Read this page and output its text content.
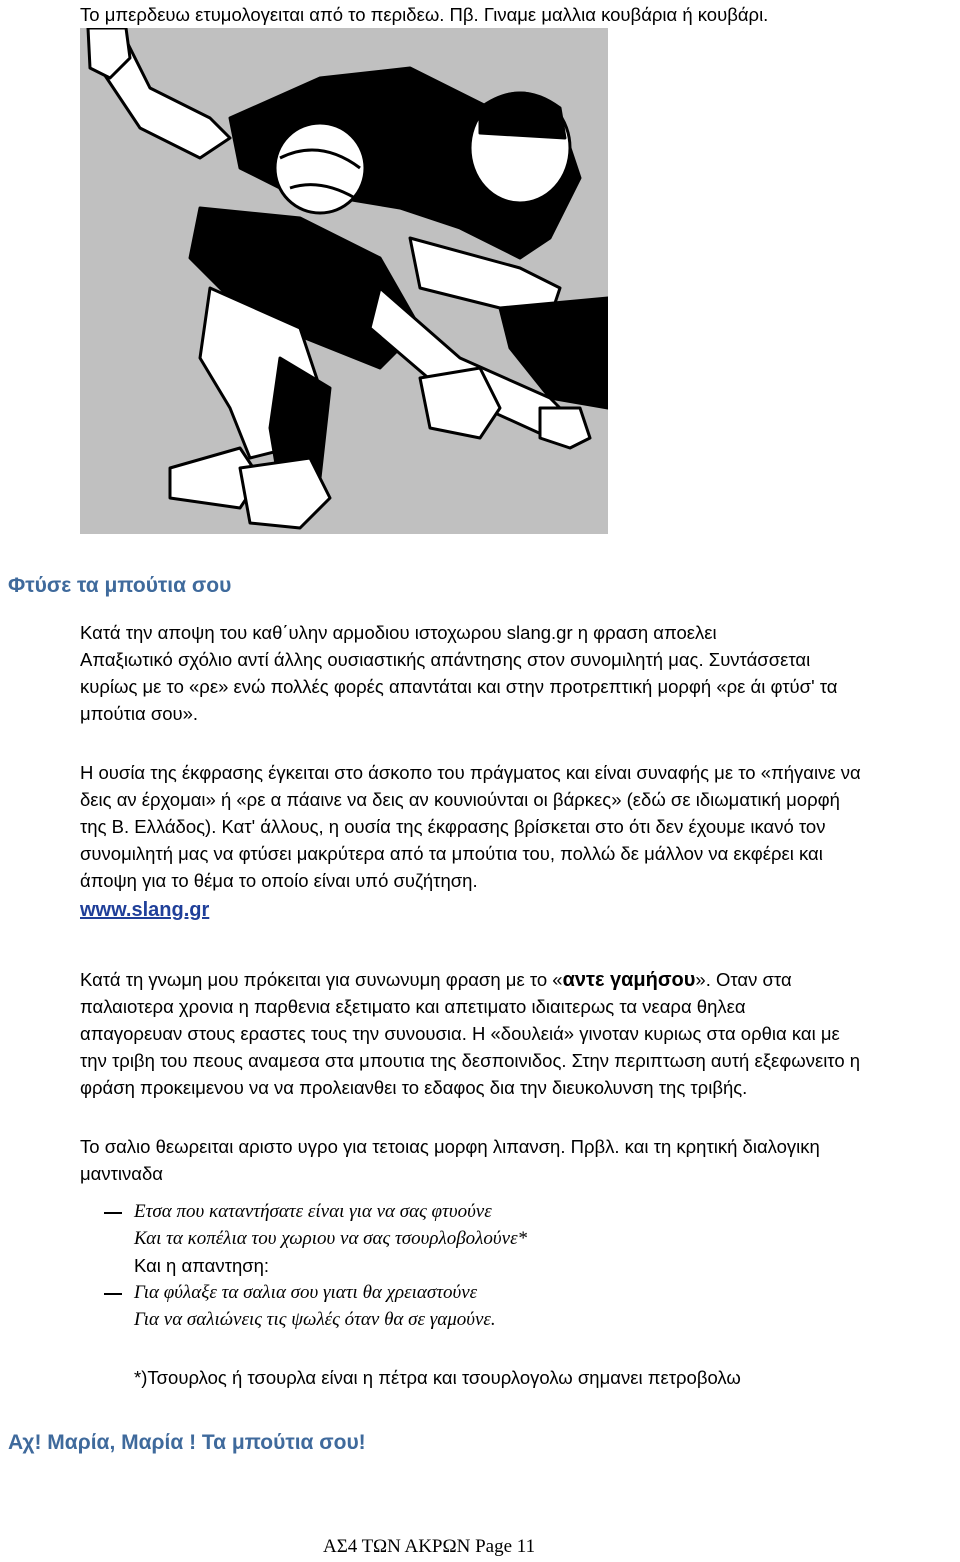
Το μπερδευω ετυμολογειται από το περιδεω. Πβ. Γιναμε μαλλια κουβάρια ή κουβάρι.
Φτύσε τα μπούτια σου
Κατά την αποψη του καθ΄υλην αρμοδιου ιστοχωρου slang.gr η φραση αποελει
Απαξιωτικό σχόλιο αντί άλλης ουσιαστικής απάντησης στον συνομιλητή μας. Συντάσσεται
κυρίως με το «ρε» ενώ πολλές φορές απαντάται και στην προτρεπτική μορφή «ρε άι φτύσ' τα
μπούτια σου».
Η ουσία της έκφρασης έγκειται στο άσκοπο του πράγματος και είναι συναφής με το «πήγαινε να
δεις αν έρχομαι» ή «ρε α πάαινε να δεις αν κουνιούνται οι βάρκες» (εδώ σε ιδιωματική μορφή
της Β. Ελλάδος). Κατ' άλλους, η ουσία της έκφρασης βρίσκεται στο ότι δεν έχουμε ικανό τον
συνομιλητή μας να φτύσει μακρύτερα από τα μπούτια του, πολλώ δε μάλλον να εκφέρει και
άποψη για το θέμα το οποίο είναι υπό συζήτηση.
www.slang.gr
Κατά τη γνωμη μου πρόκειται για συνωνυμη φραση με το «αντε γαμήσου». Οταν στα
παλαιοτερα χρονια η παρθενια εξετιματο και απετιματο ιδιαιτερως τα νεαρα θηλεα
απαγορευαν στους εραστες τους την συνουσια. Η «δουλειά» γινοταν κυριως στα ορθια και με
την τριβη του πεους αναμεσα στα μπουτια της δεσποινιδος. Στην περιπτωση αυτή εξεφωνειτο η
φράση προκειμενου να να προλειανθει το εδαφος δια την διευκολυνση της τριβής.
Το σαλιο θεωρειται αριστο υγρο για τετοιας μορφη λιπανση. Πρβλ. και τη κρητική διαλογικη
μαντιναδα
Ετσα που καταντήσατε είναι για να σας φτυούνε
Και τα κοπέλια του χωριου να σας τσουρλοβολούνε*
Και η απαντηση:
Για φύλαξε τα σαλια σου γιατι θα χρειαστούνε
Για να σαλιώνεις τις ψωλές όταν θα σε γαμούνε.
*)Τσουρλος ή τσουρλα είναι η πέτρα και τσουρλογολω σημανει πετροβολω
Αχ! Μαρία, Μαρία ! Τα μπούτια σου!
ΑΣ4 ΤΩΝ ΑΚΡΩΝ Page 11
